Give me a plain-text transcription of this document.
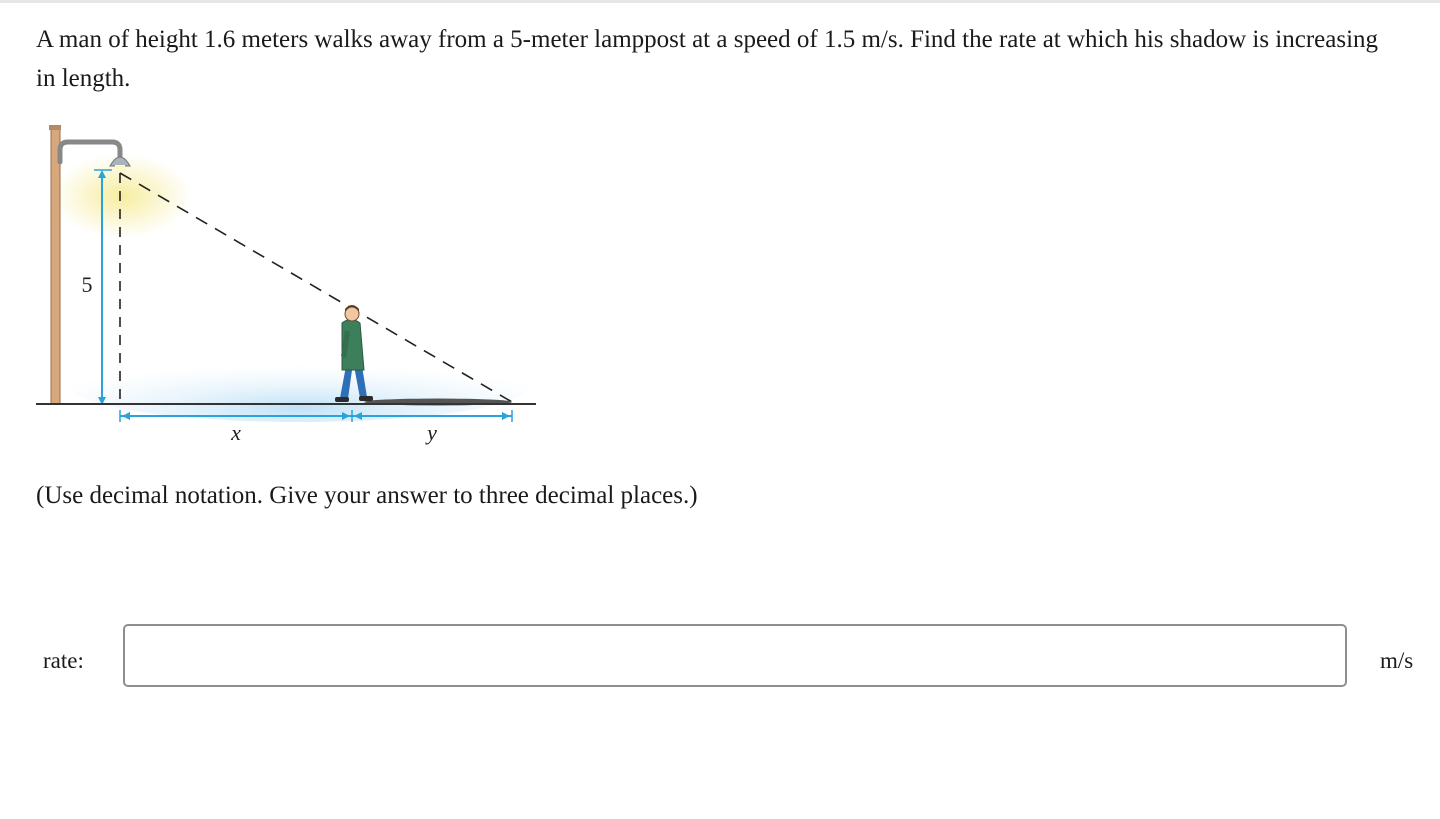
A man of height 1.6 meters walks away from a 5-meter lamppost at a speed of 1.5 m/s. Find the rate at which his shadow is increasing in length.

5
x	y

(Use decimal notation. Give your answer to three decimal places.)

rate:	m/s
